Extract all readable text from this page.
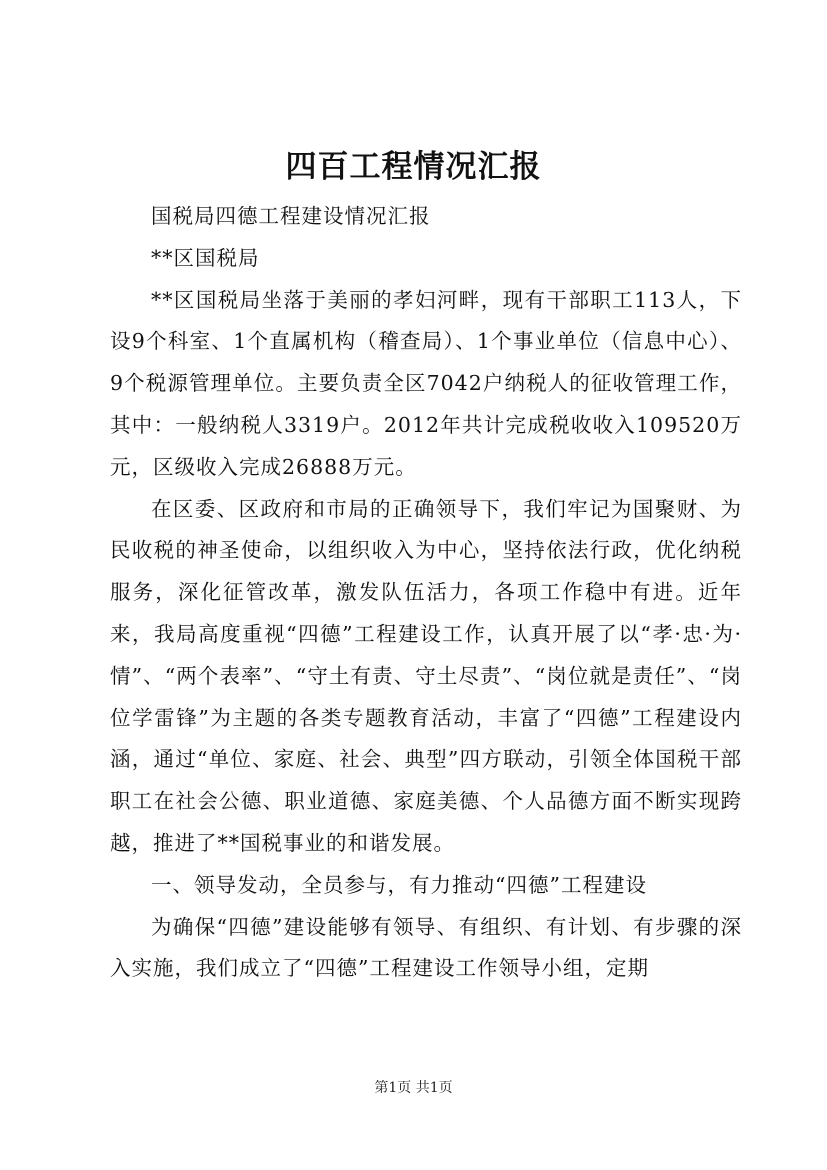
四百工程情况汇报

国税局四德工程建设情况汇报

**区国税局

**区国税局坐落于美丽的孝妇河畔，现有干部职工113人，下设9个科室、1个直属机构（稽查局）、1个事业单位（信息中心）、9个税源管理单位。主要负责全区7042户纳税人的征收管理工作，其中：一般纳税人3319户。2012年共计完成税收收入109520万元，区级收入完成26888万元。

在区委、区政府和市局的正确领导下，我们牢记为国聚财、为民收税的神圣使命，以组织收入为中心，坚持依法行政，优化纳税服务，深化征管改革，激发队伍活力，各项工作稳中有进。近年来，我局高度重视“四德”工程建设工作，认真开展了以“孝·忠·为·情”、“两个表率”、“守土有责、守土尽责”、“岗位就是责任”、“岗位学雷锋”为主题的各类专题教育活动，丰富了“四德”工程建设内涵，通过“单位、家庭、社会、典型”四方联动，引领全体国税干部职工在社会公德、职业道德、家庭美德、个人品德方面不断实现跨越，推进了**国税事业的和谐发展。

一、领导发动，全员参与，有力推动“四德”工程建设

为确保“四德”建设能够有领导、有组织、有计划、有步骤的深入实施，我们成立了“四德”工程建设工作领导小组，定期

第1页 共1页
